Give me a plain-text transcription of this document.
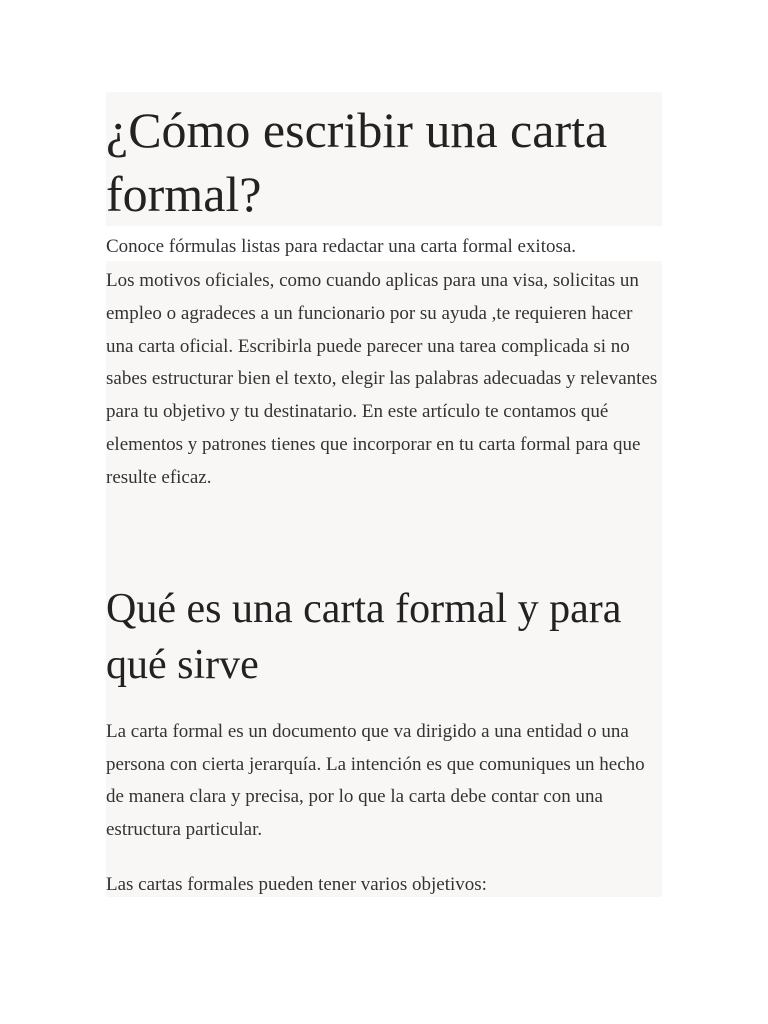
¿Cómo escribir una carta formal?

Conoce fórmulas listas para redactar una carta formal exitosa.

Los motivos oficiales, como cuando aplicas para una visa, solicitas un empleo o agradeces a un funcionario por su ayuda ,te requieren hacer una carta oficial. Escribirla puede parecer una tarea complicada si no sabes estructurar bien el texto, elegir las palabras adecuadas y relevantes para tu objetivo y tu destinatario. En este artículo te contamos qué elementos y patrones tienes que incorporar en tu carta formal para que resulte eficaz.

Qué es una carta formal y para qué sirve

La carta formal es un documento que va dirigido a una entidad o una persona con cierta jerarquía. La intención es que comuniques un hecho de manera clara y precisa, por lo que la carta debe contar con una estructura particular.

Las cartas formales pueden tener varios objetivos:
